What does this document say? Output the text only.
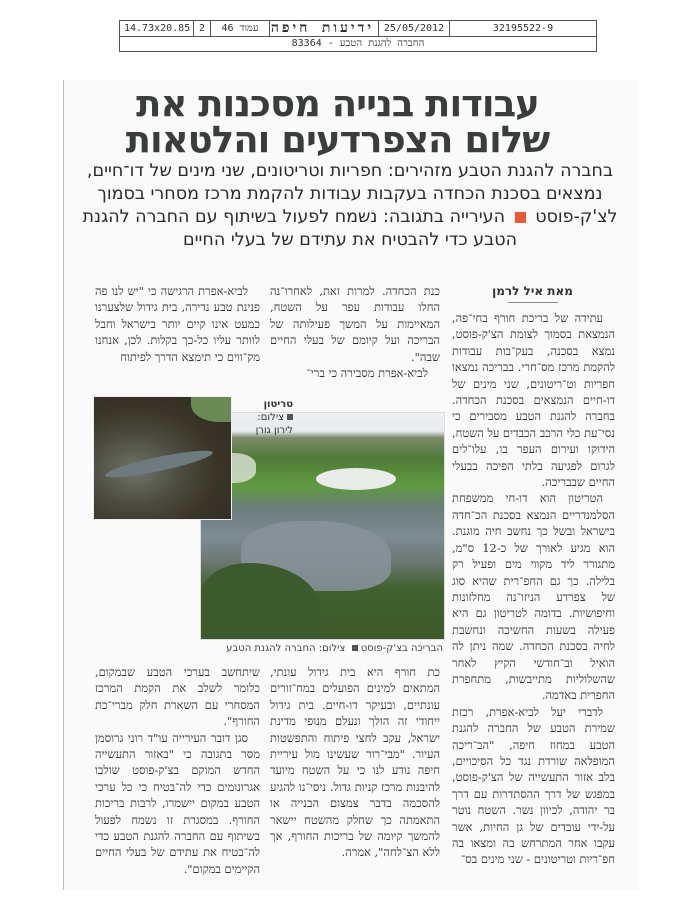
14.73x20.85 2	46 עמוד ידיעות חיפה 25/05/2012	32195522-9
החברה להגנת הטבע - 83364
עבודות בנייה מסכנות את
שלום הצפרדעים והלטאות
בחברה להגנת הטבע מזהירים: חפריות וטריטונים, שני מינים של דו־חיים, נמצאים בסכנת הכחדה בעקבות עבודות להקמת מרכז מסחרי בסמוך לצ'ק-פוסט  העירייה בתגובה: נשמח לפעול בשיתוף עם החברה להגנת הטבע כדי להבטיח את עתידם של בעלי החיים
מאת איל לרמן

עתידה של בריכת חורף בחי־פה, הנמצאת בסמוך לצומת הצ'ק-פוסט, נמצא בסכנה, בעק־בות עבודות להקמת מרכז מס־חרי. בבריכה נמצאו חפריות וט־ריטונים, שני מינים של דו-חיים הנמצאים בסכנת הכחדה. בחברה להגנת הטבע מסבירים כי נסי־עת כלי הרכב הכבדים על השטח, הידוקו ועירום העפר בו, עלו־לים לגרום לפגיעה בלתי הפיכה בבעלי החיים שבבריכה.

הטריטון הוא דו-חי ממשפחת הסלמנדריים הנמצא בסכנת הכ־חדה בישראל ובשל כך נחשב חיה מוגנת. הוא מגיע לאורך של כ-12 ס"מ, מתגורר ליד מקווי מים ופעיל רק בלילה. כך גם החפ־רית שהיא סוג של צפרדע הניזו־נה מחלזונות וחיפושיות. בדומה לטריטון גם היא פעילה בשעות החשיכה ונחשבת לחיה בסכנת הכחדה. שמה ניתן לה הואיל וב־חודשי הקיץ לאחר שהשלוליות מתייבשות, מתחפרת החפרית באדמה.

לדברי יעל לביא-אפרת, רכזת שמירת הטבע של החברה להגנת הטבע במחוז חיפה, "הב־ריכה המופלאה שורדת נגד כל הסיכויים, בלב אזור התעשייה של הצ'ק-פוסט, במפגש של דרך ההסתדרות עם דרך בר יהודה, לכיוון נשר. השטח נוטר על-ידי עובדים של גן החיות, אשר עקבו אחר המתרחש בה ומצאו בה חפ־ריות וטריטונים - שני מינים בס־

כנת הכחדה. למרות זאת, לאחרו־נה החלו עבודות עפר על השטח, המאיימות על המשך פעילותה של הבריכה ועל קיומם של בעלי החיים שבה".

לביא-אפרת מסבירה כי ברי־

לביא-אפרת הרגישה כי "יש לנו פה פנינת טבע נדירה, בית גידול שלצערנו כמעט אינו קיים יותר בישראל וחבל לוותר עליו כל-כך בקלות. לכן, אנחנו מק־ווים כי תימצא הדרך לפיתוח

טריטון
צילום:
לירון גורן
הבריכה בצ'ק-פוסט  צילום: החברה להגנת הטבע

כת חורף היא בית גידול עונתי, המתאים למינים הפועלים במח־זורים עונתיים, ובעיקר דו-חיים. בית גידול ייחודי זה הולך ונעלם מנופי מדינת ישראל, עקב לחצי פיתוח והתפשטות העיור. "מבי־רור שעשינו מול עיריית חיפה נודע לנו כי על השטח מיועד להיבנות מרכז קניות גדול. ניסי־נו להגיע להסכמה בדבר צמצום הבנייה או התאמתה כך שחלק מהשטח יישאר להמשך קיומה של בריכות החורף, אך ללא הצ־לחה", אמרה.

שיתחשב בערכי הטבע שבמקום, כלומר לשלב את הקמת המרכז המסחרי עם השארת חלק מברי־כת החורף".

סגן דובר העירייה עו"ד רוני גרוסמן מסר בתגובה כי "באזור התעשייה החדש המוקם בצ'ק-פוסט שולבו אגרונומים כדי לה־בטיח כי כל ערכי הטבע במקום יישמרו, לרבות בריכות החורף. במסגרת זו נשמח לפעול בשיתוף עם החברה להגנת הטבע כדי לה־בטיח את עתידם של בעלי החיים הקיימים במקום".
